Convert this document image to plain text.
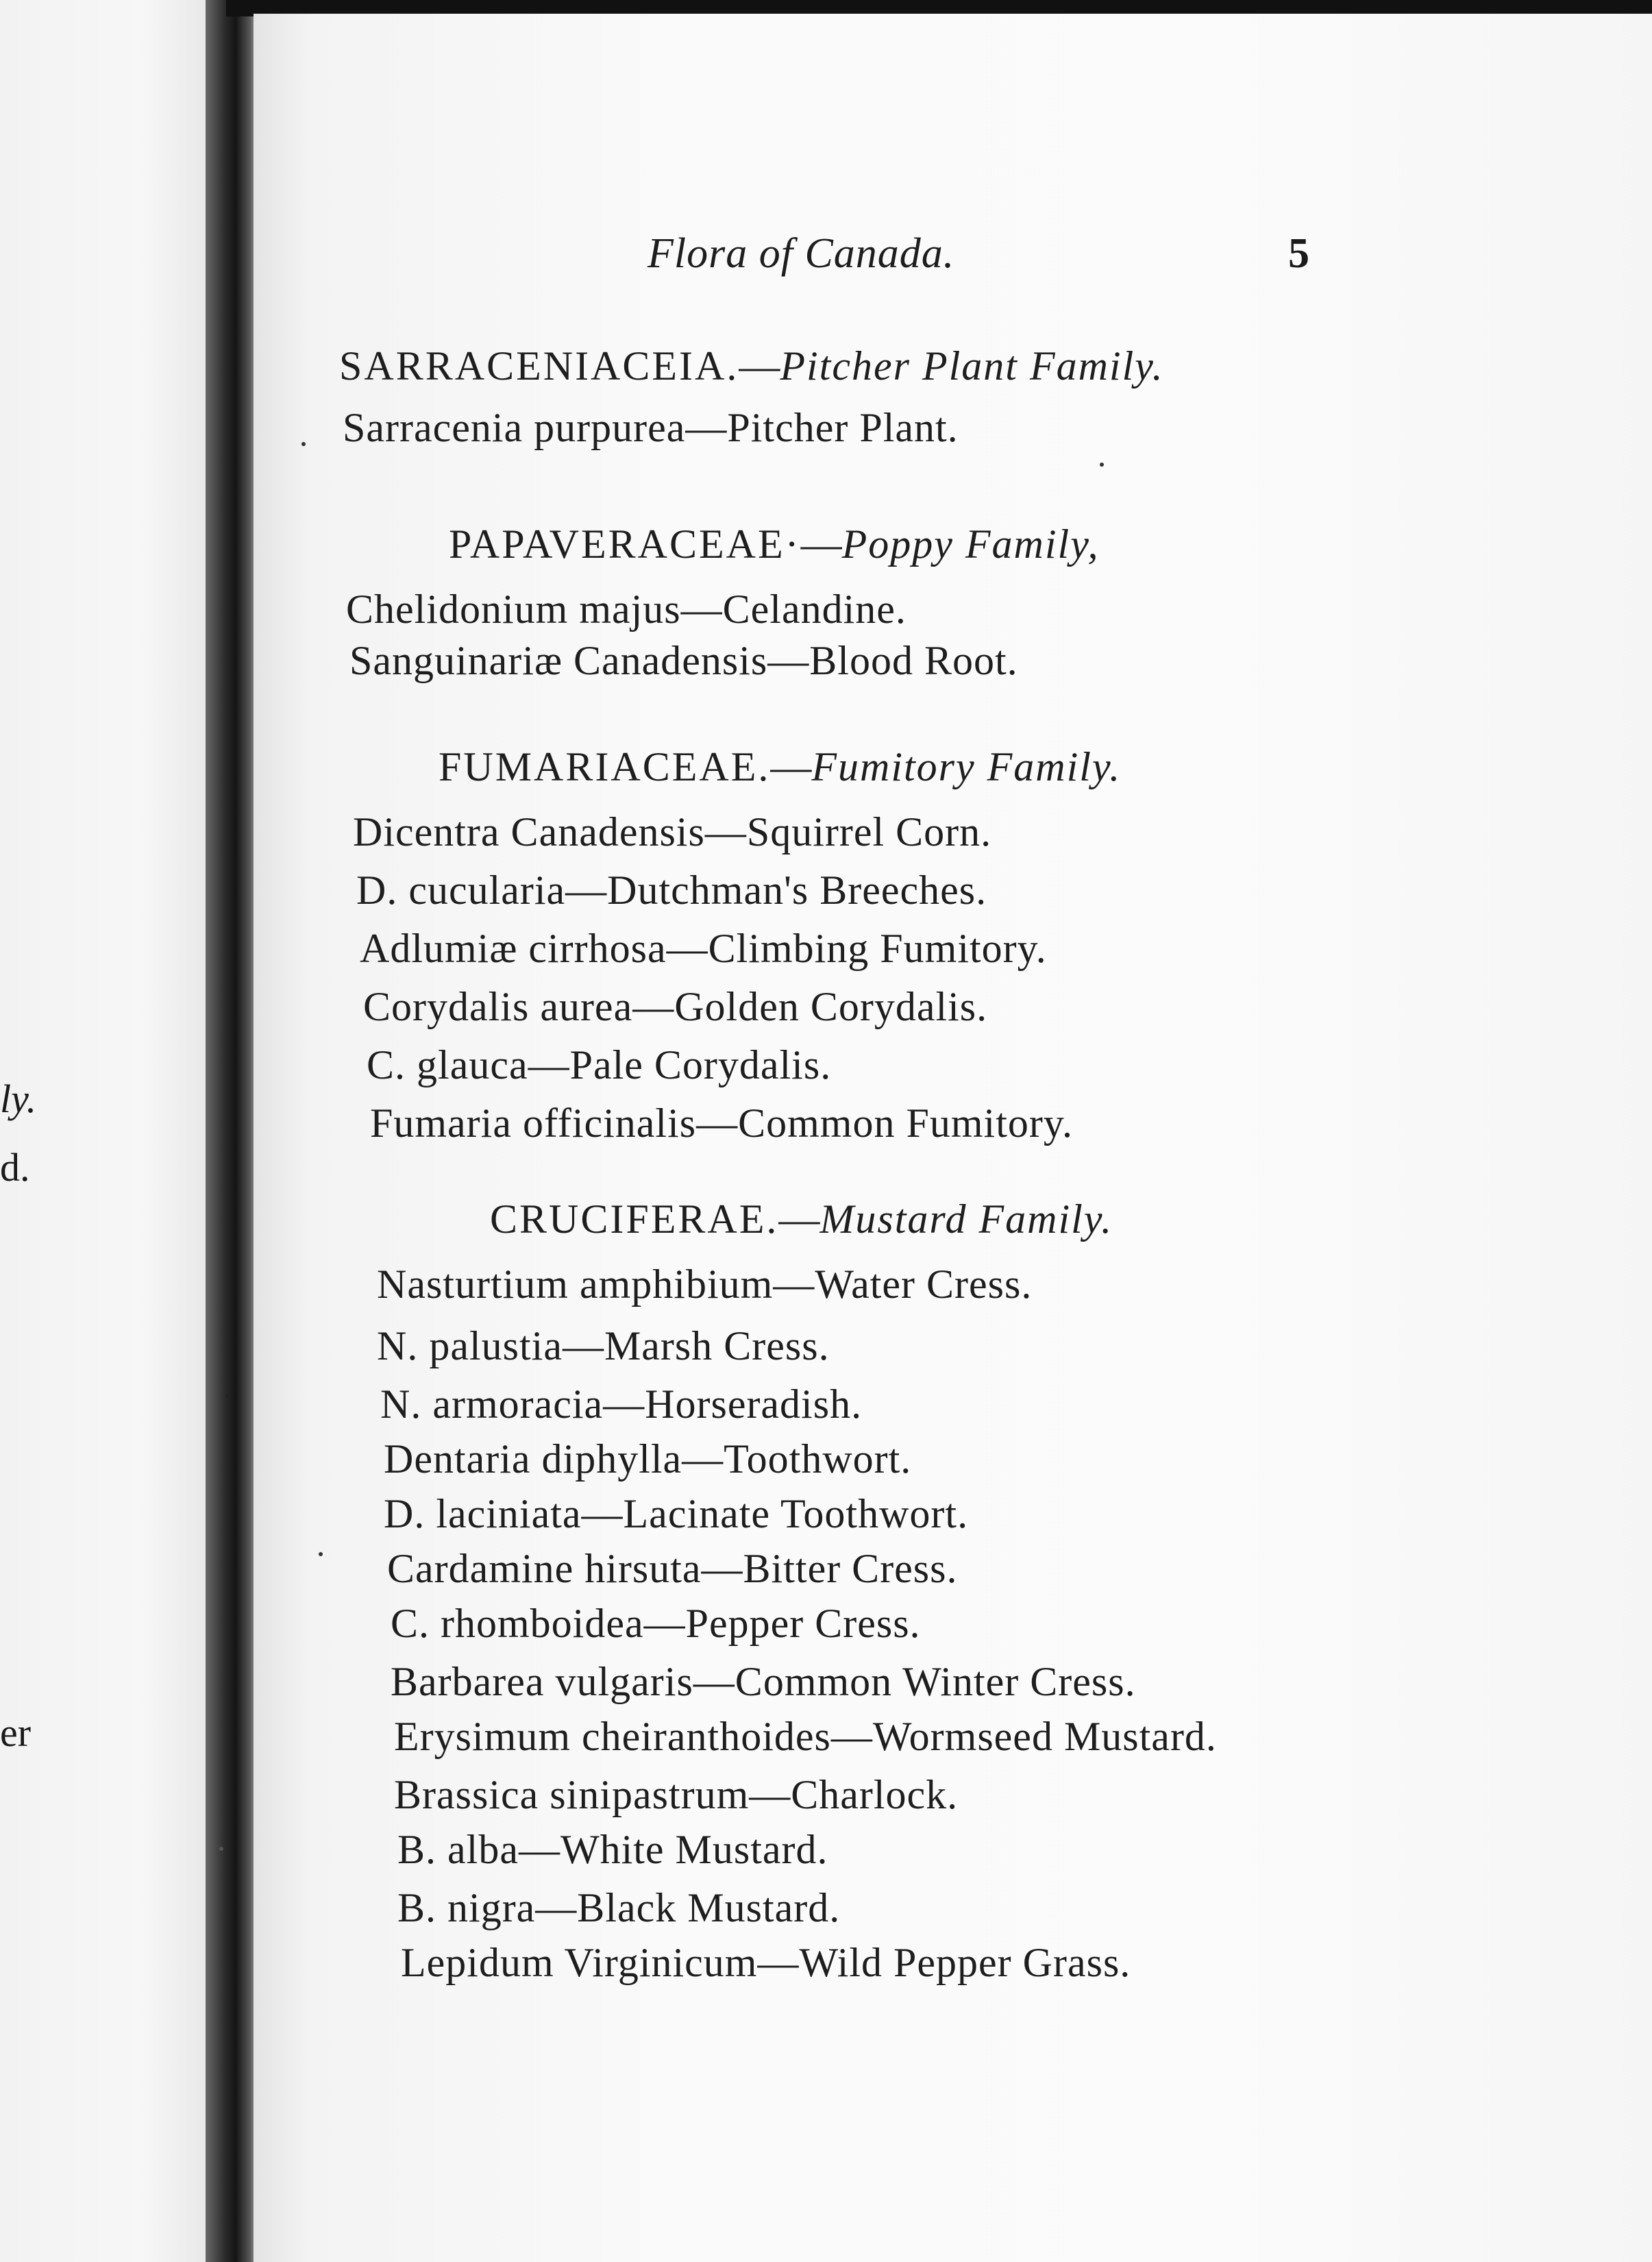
ly.
d.
er
Flora of Canada.	5
SARRACENIACEIA.—Pitcher Plant Family.
Sarracenia purpurea—Pitcher Plant.
PAPAVERACEAE·—Poppy Family,
Chelidonium majus—Celandine.
Sanguinariæ Canadensis—Blood Root.
FUMARIACEAE.—Fumitory Family.
Dicentra Canadensis—Squirrel Corn.
D. cucularia—Dutchman's Breeches.
Adlumiæ cirrhosa—Climbing Fumitory.
Corydalis aurea—Golden Corydalis.
C. glauca—Pale Corydalis.
Fumaria officinalis—Common Fumitory.
CRUCIFERAE.—Mustard Family.
Nasturtium amphibium—Water Cress.
N. palustia—Marsh Cress.
N. armoracia—Horseradish.
Dentaria diphylla—Toothwort.
D. laciniata—Lacinate Toothwort.
Cardamine hirsuta—Bitter Cress.
C. rhomboidea—Pepper Cress.
Barbarea vulgaris—Common Winter Cress.
Erysimum cheiranthoides—Wormseed Mustard.
Brassica sinipastrum—Charlock.
B. alba—White Mustard.
B. nigra—Black Mustard.
Lepidum Virginicum—Wild Pepper Grass.
